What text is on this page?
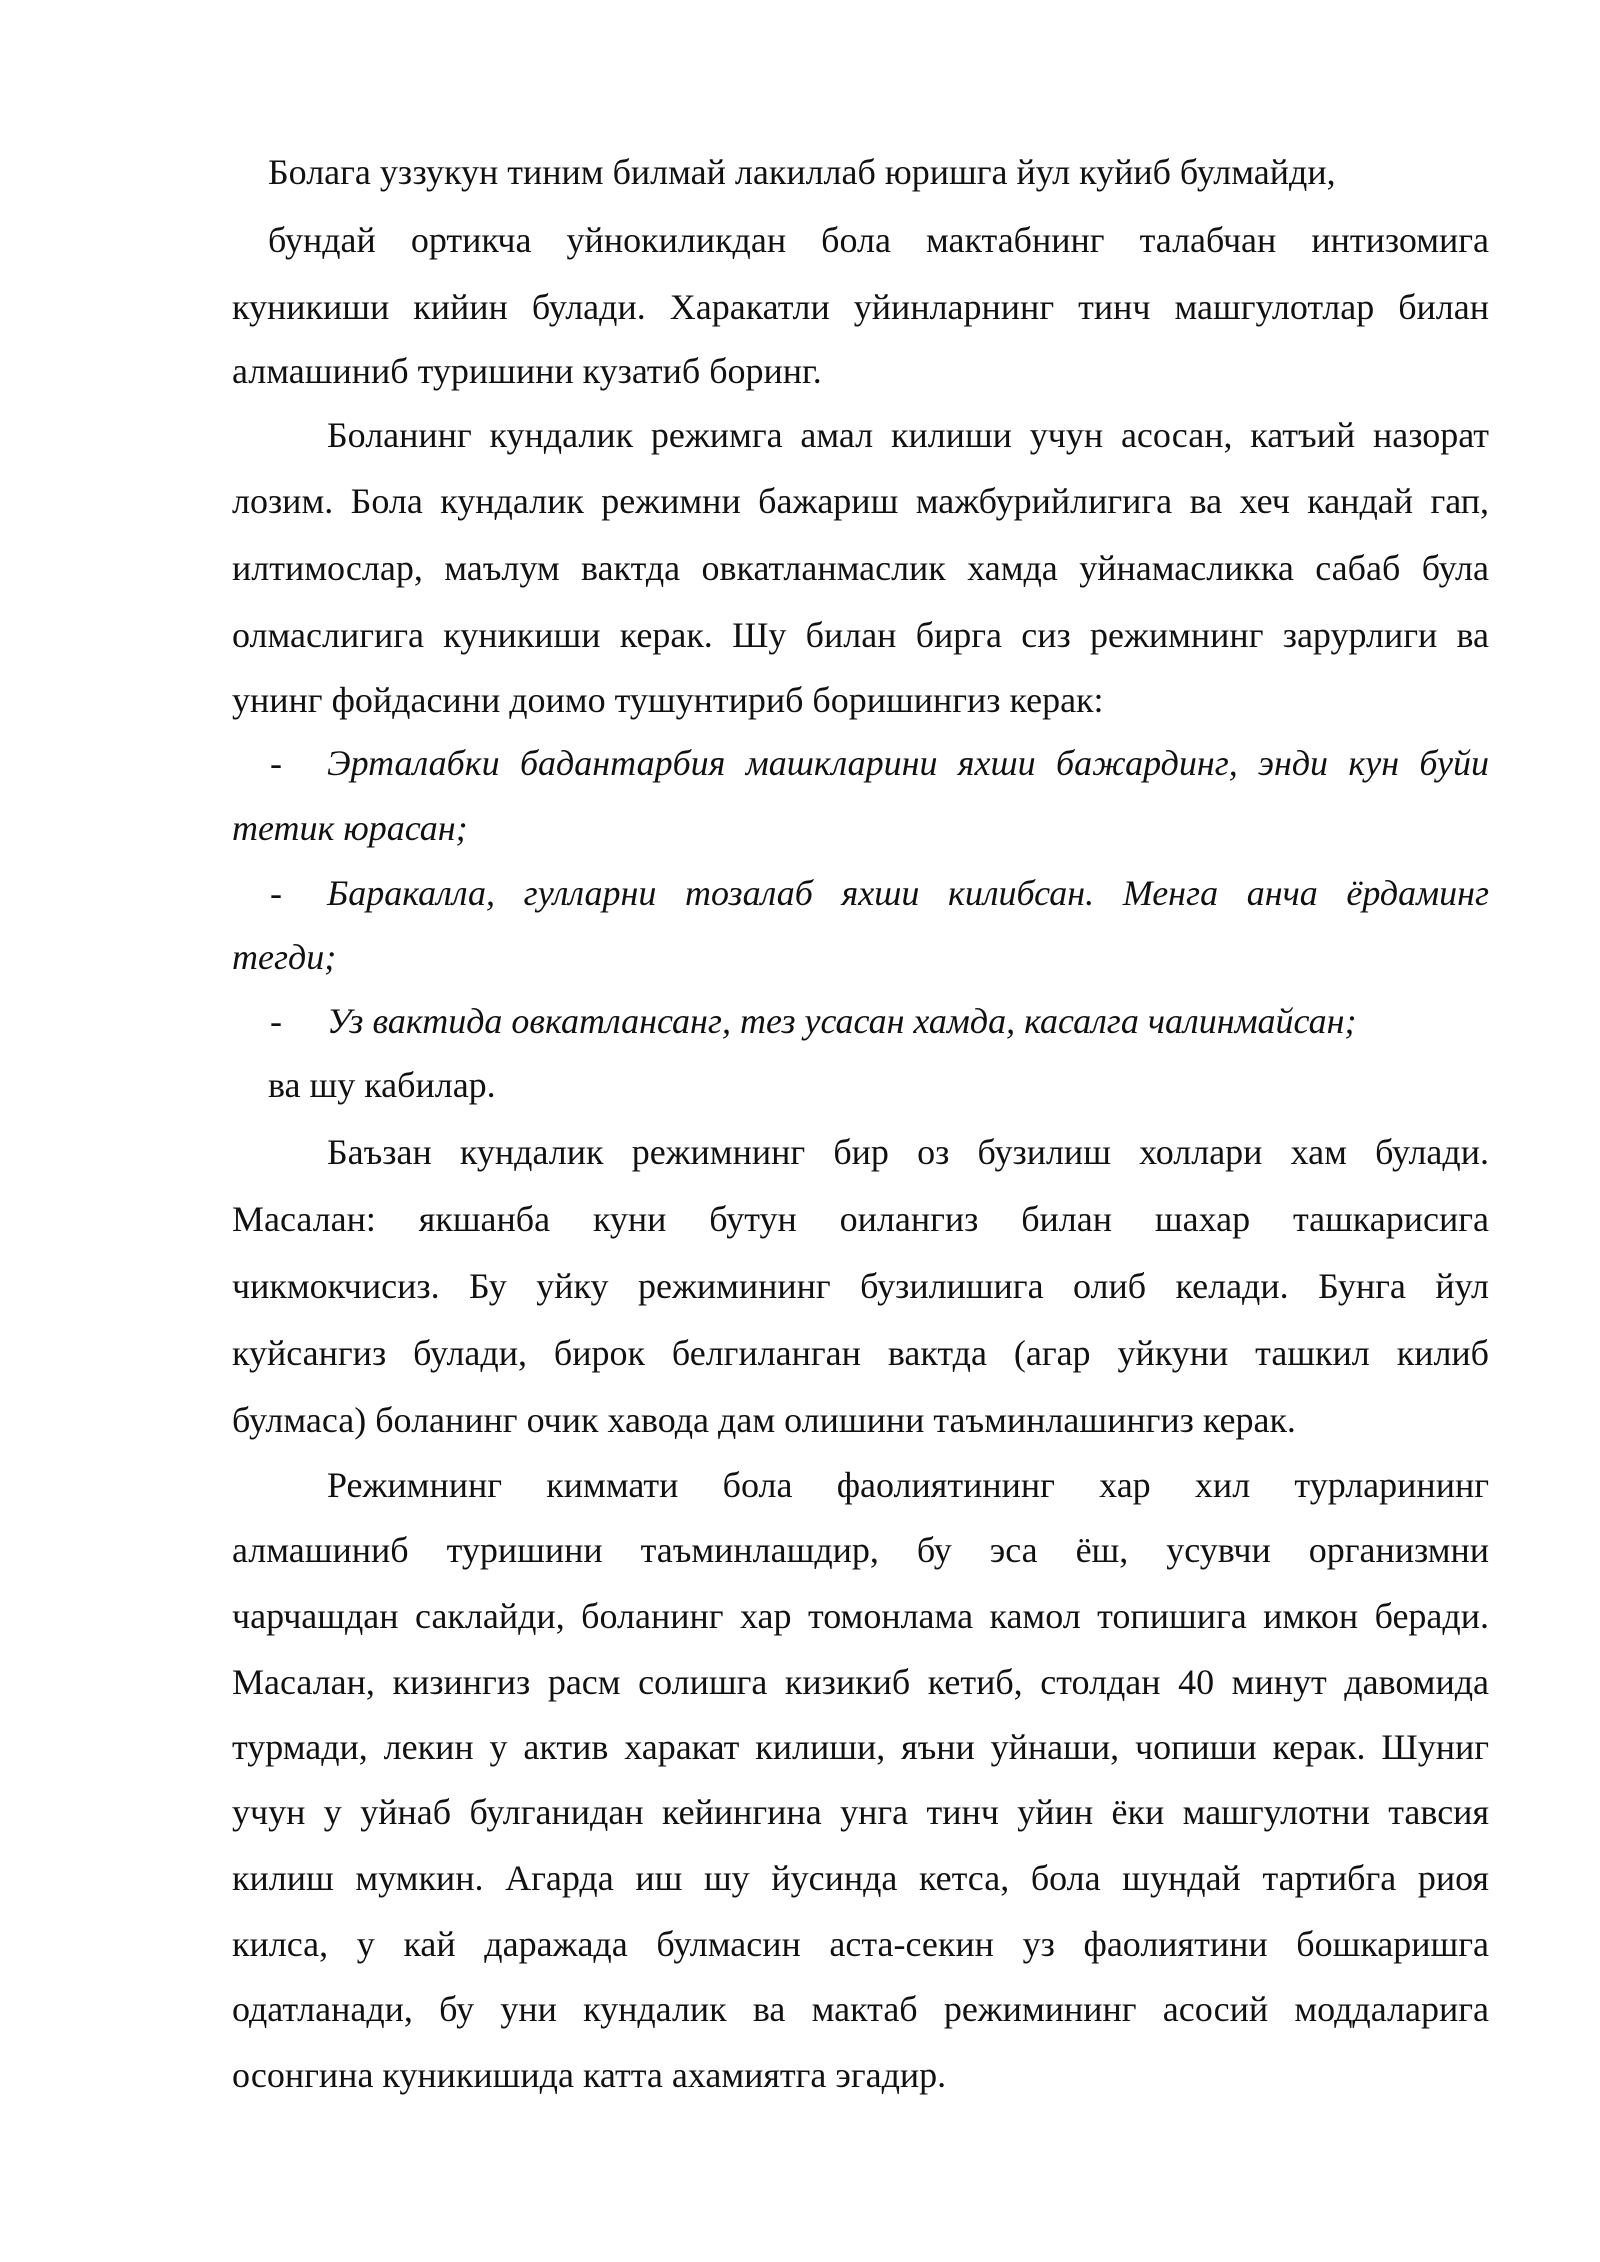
Болага уззукун тиним билмай лакиллаб юришга йул куйиб булмайди,
бундай ортикча уйнокиликдан бола мактабнинг талабчан интизомига
куникиши кийин булади. Харакатли уйинларнинг тинч машгулотлар билан
алмашиниб туришини кузатиб боринг.
Боланинг кундалик режимга амал килиши учун асосан, катъий назорат
лозим. Бола кундалик режимни бажариш мажбурийлигига ва хеч кандай гап,
илтимослар, маълум вактда овкатланмаслик хамда уйнамасликка сабаб була
олмаслигига куникиши керак. Шу билан бирга сиз режимнинг зарурлиги ва
унинг фойдасини доимо тушунтириб боришингиз керак:
- Эрталабки бадантарбия машкларини яхши бажардинг, энди кун буйи
тетик юрасан;
- Баракалла, гулларни тозалаб яхши килибсан. Менга анча ёрдаминг
тегди;
- Уз вактида овкатлансанг, тез усасан хамда, касалга чалинмайсан;
ва шу кабилар.
Баъзан кундалик режимнинг бир оз бузилиш холлари хам булади.
Масалан: якшанба куни бутун оилангиз билан шахар ташкарисига
чикмокчисиз. Бу уйку режимининг бузилишига олиб келади. Бунга йул
куйсангиз булади, бирок белгиланган вактда (агар уйкуни ташкил килиб
булмаса) боланинг очик хавода дам олишини таъминлашингиз керак.
Режимнинг киммати бола фаолиятининг хар хил турларининг
алмашиниб туришини таъминлашдир, бу эса ёш, усувчи организмни
чарчашдан саклайди, боланинг хар томонлама камол топишига имкон беради.
Масалан, кизингиз расм солишга кизикиб кетиб, столдан 40 минут давомида
турмади, лекин у актив харакат килиши, яъни уйнаши, чопиши керак. Шуниг
учун у уйнаб булганидан кейингина унга тинч уйин ёки машгулотни тавсия
килиш мумкин. Агарда иш шу йусинда кетса, бола шундай тартибга риоя
килса, у кай даражада булмасин аста-секин уз фаолиятини бошкаришга
одатланади, бу уни кундалик ва мактаб режимининг асосий моддаларига
осонгина куникишида катта ахамиятга эгадир.
